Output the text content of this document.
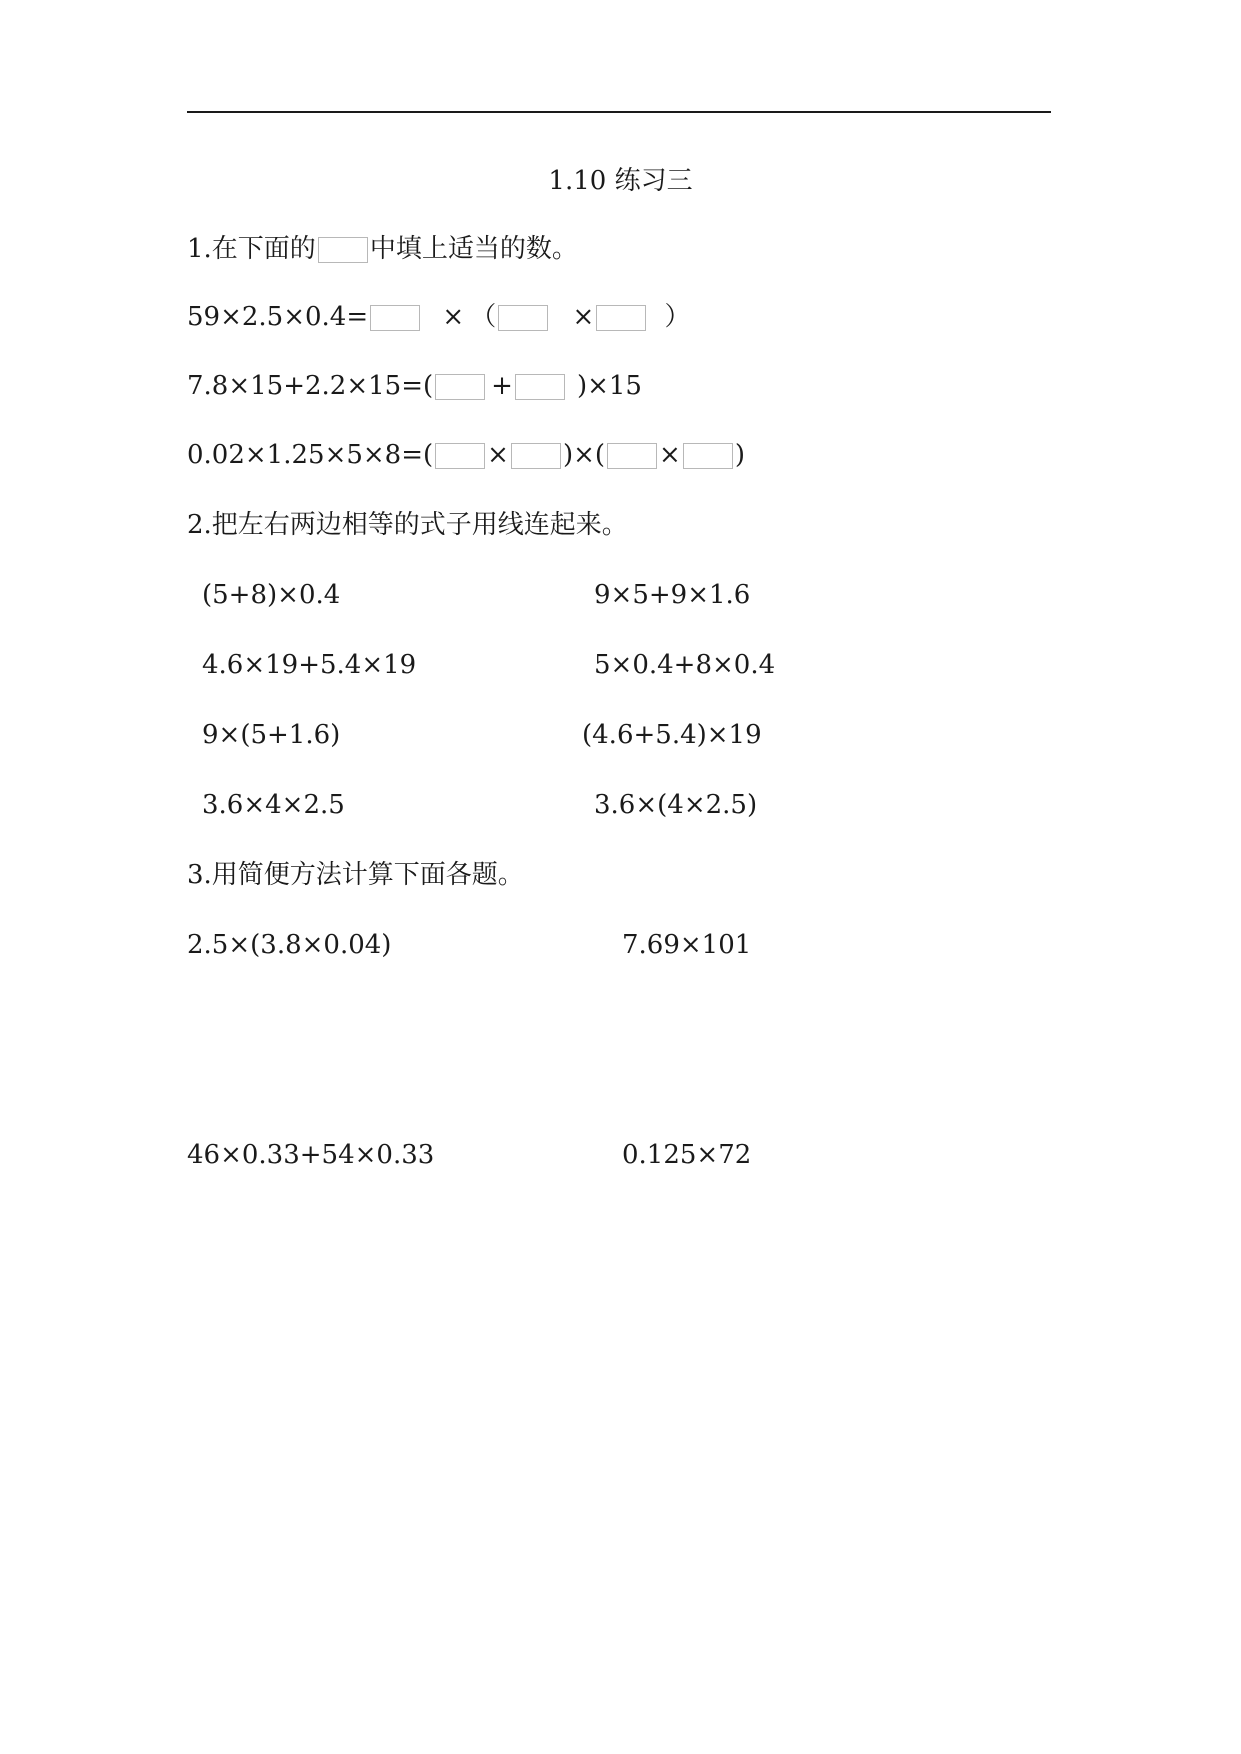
1.10 练习三
1.在下面的 中填上适当的数。
59×2.5×0.4=	× （	×	）
7.8×15+2.2×15=( + )×15
0.02×1.25×5×8=( × )×( × )
2.把左右两边相等的式子用线连起来。
(5+8)×0.4	9×5+9×1.6
4.6×19+5.4×19	5×0.4+8×0.4
9×(5+1.6)	(4.6+5.4)×19
3.6×4×2.5	3.6×(4×2.5)
3.用简便方法计算下面各题。
2.5×(3.8×0.04)	7.69×101
46×0.33+54×0.33	0.125×72
